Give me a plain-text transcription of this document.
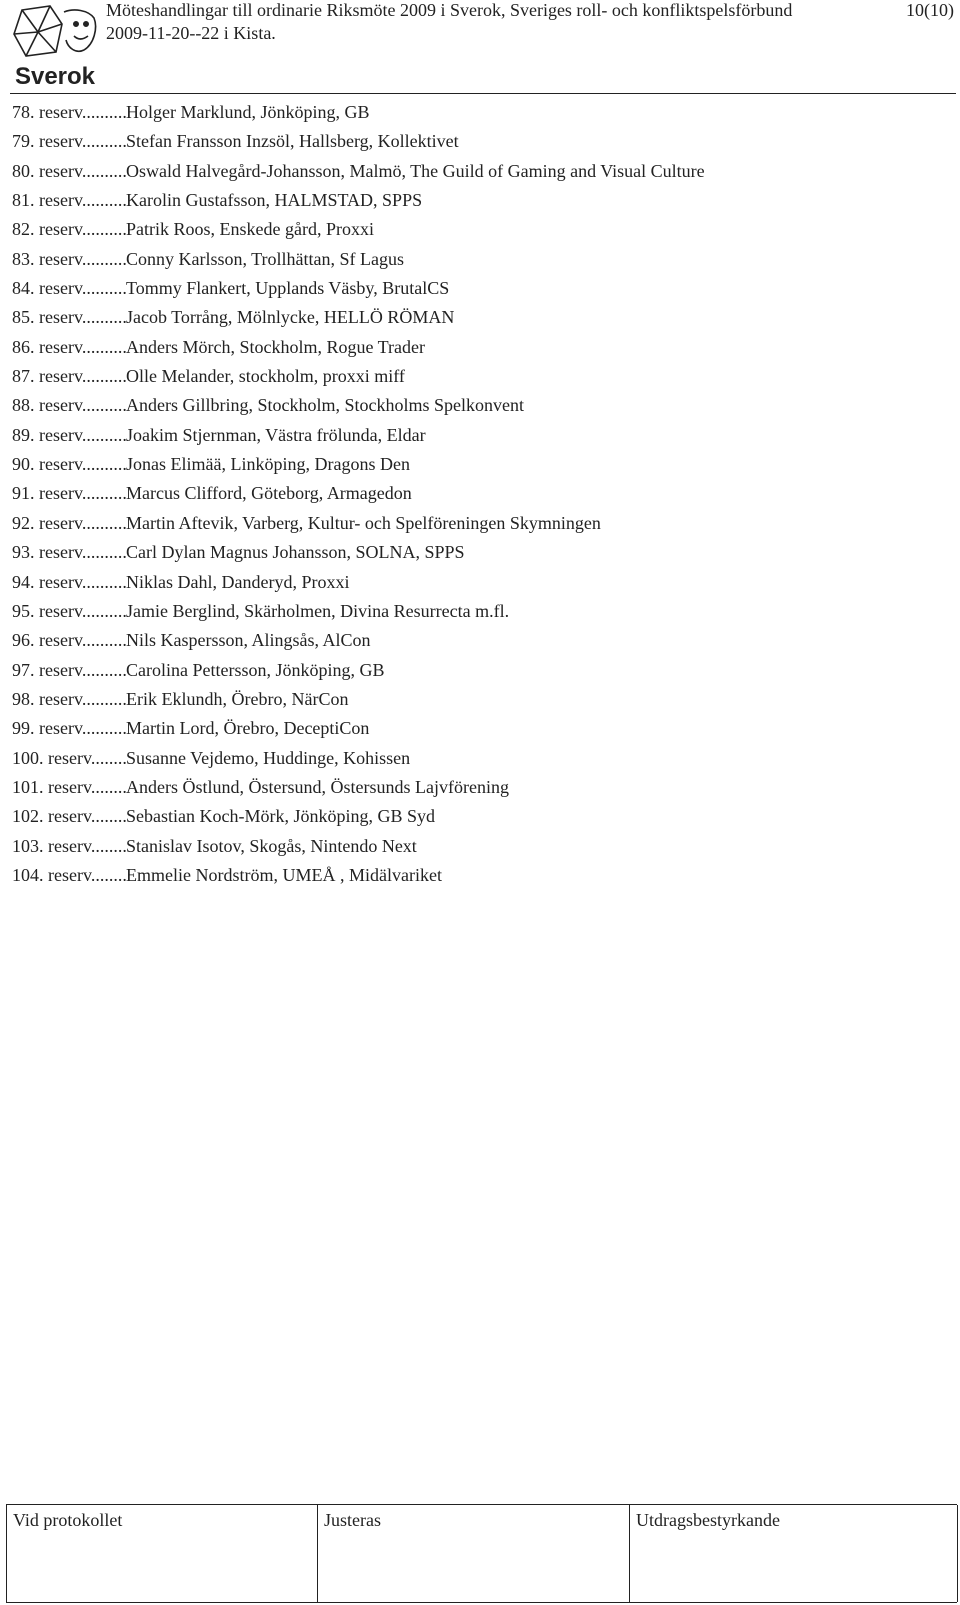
Sverok
Möteshandlingar till ordinarie Riksmöte 2009 i Sverok, Sveriges roll- och konfliktspelsförbund	10(10)
2009-11-20--22 i Kista.
78. reserv .....	Holger Marklund, Jönköping, GB
79. reserv .....	Stefan Fransson Inzsöl, Hallsberg, Kollektivet
80. reserv .....	Oswald Halvegård-Johansson, Malmö, The Guild of Gaming and Visual Culture
81. reserv .....	Karolin Gustafsson, HALMSTAD, SPPS
82. reserv .....	Patrik Roos, Enskede gård, Proxxi
83. reserv .....	Conny Karlsson, Trollhättan, Sf Lagus
84. reserv .....	Tommy Flankert, Upplands Väsby, BrutalCS
85. reserv .....	Jacob Torrång, Mölnlycke, HELLÖ RÖMAN
86. reserv .....	Anders Mörch, Stockholm, Rogue Trader
87. reserv .....	Olle Melander, stockholm, proxxi miff
88. reserv .....	Anders Gillbring, Stockholm, Stockholms Spelkonvent
89. reserv .....	Joakim Stjernman, Västra frölunda, Eldar
90. reserv .....	Jonas Elimää, Linköping, Dragons Den
91. reserv .....	Marcus Clifford, Göteborg, Armagedon
92. reserv .....	Martin Aftevik, Varberg, Kultur- och Spelföreningen Skymningen
93. reserv .....	Carl Dylan Magnus Johansson, SOLNA, SPPS
94. reserv .....	Niklas Dahl, Danderyd, Proxxi
95. reserv .....	Jamie Berglind, Skärholmen, Divina Resurrecta m.fl.
96. reserv .....	Nils Kaspersson, Alingsås, AlCon
97. reserv .....	Carolina Pettersson, Jönköping, GB
98. reserv .....	Erik Eklundh, Örebro, NärCon
99. reserv .....	Martin Lord, Örebro, DeceptiCon
100. reserv .....	Susanne Vejdemo, Huddinge, Kohissen
101. reserv .....	Anders Östlund, Östersund, Östersunds Lajvförening
102. reserv .....	Sebastian Koch-Mörk, Jönköping, GB Syd
103. reserv .....	Stanislav Isotov, Skogås, Nintendo Next
104. reserv .....	Emmelie Nordström, UMEÅ , Midälvariket
Vid protokollet	Justeras	Utdragsbestyrkande
